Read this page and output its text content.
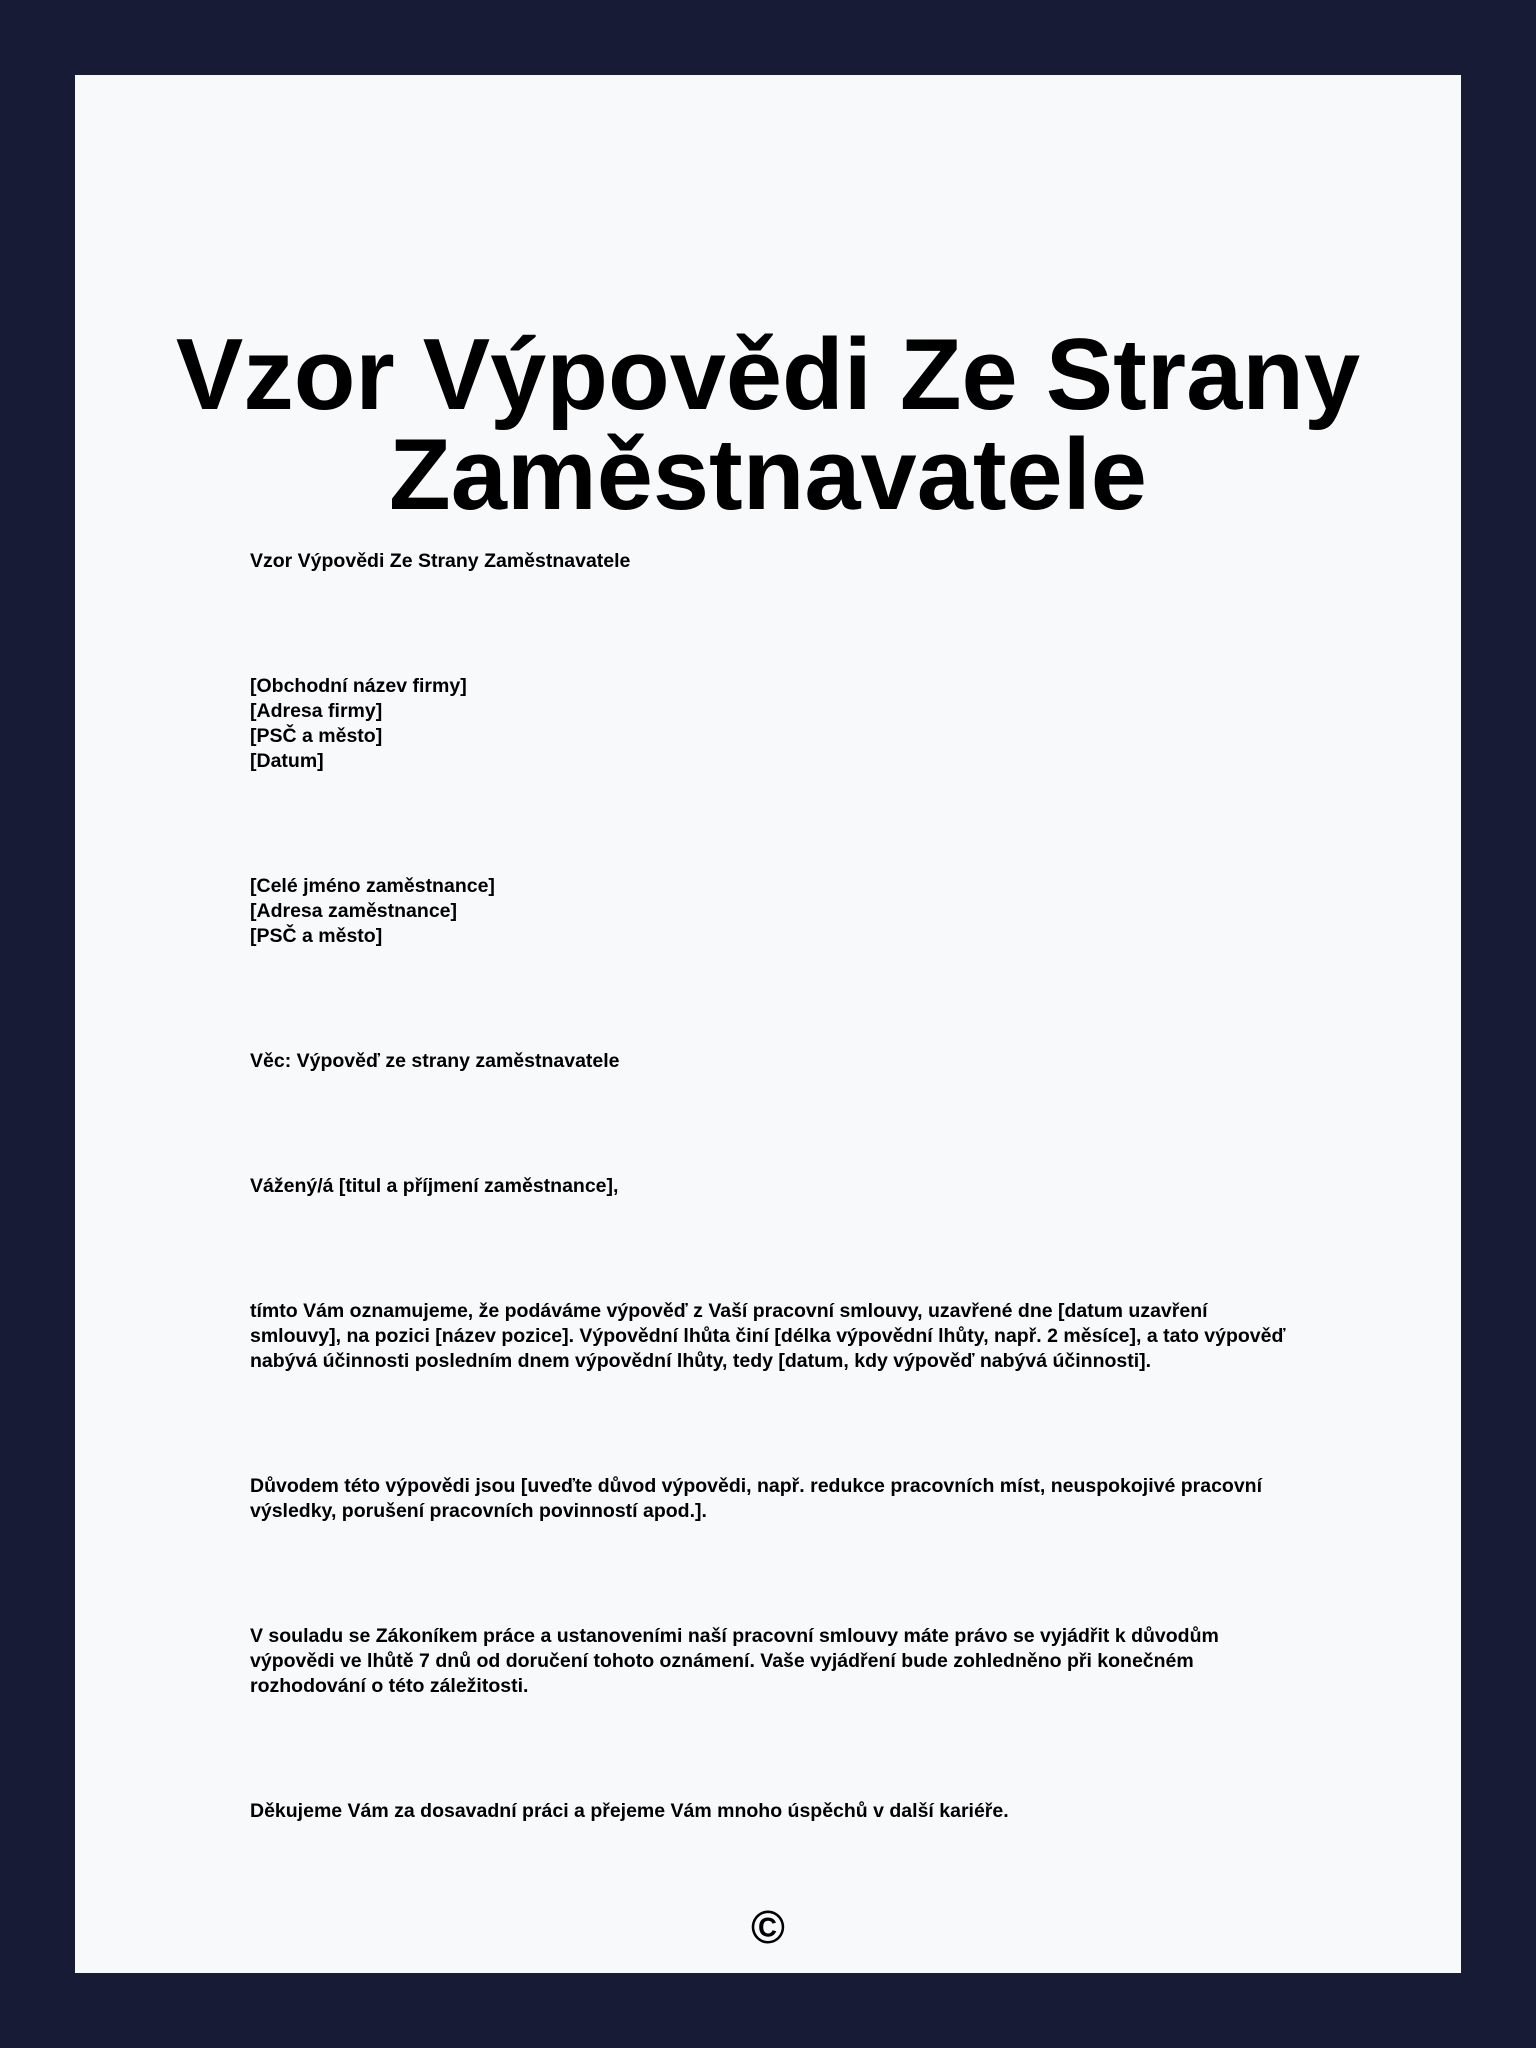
Vzor Výpovědi Ze Strany Zaměstnavatele

Vzor Výpovědi Ze Strany Zaměstnavatele

[Obchodní název firmy]
[Adresa firmy]
[PSČ a město]
[Datum]

[Celé jméno zaměstnance]
[Adresa zaměstnance]
[PSČ a město]

Věc: Výpověď ze strany zaměstnavatele

Vážený/á [titul a příjmení zaměstnance],

tímto Vám oznamujeme, že podáváme výpověď z Vaší pracovní smlouvy, uzavřené dne [datum uzavření smlouvy], na pozici [název pozice]. Výpovědní lhůta činí [délka výpovědní lhůty, např. 2 měsíce], a tato výpověď nabývá účinnosti posledním dnem výpovědní lhůty, tedy [datum, kdy výpověď nabývá účinnosti].

Důvodem této výpovědi jsou [uveďte důvod výpovědi, např. redukce pracovních míst, neuspokojivé pracovní výsledky, porušení pracovních povinností apod.].

V souladu se Zákoníkem práce a ustanoveními naší pracovní smlouvy máte právo se vyjádřit k důvodům výpovědi ve lhůtě 7 dnů od doručení tohoto oznámení. Vaše vyjádření bude zohledněno při konečném rozhodování o této záležitosti.

Děkujeme Vám za dosavadní práci a přejeme Vám mnoho úspěchů v další kariéře.

©
